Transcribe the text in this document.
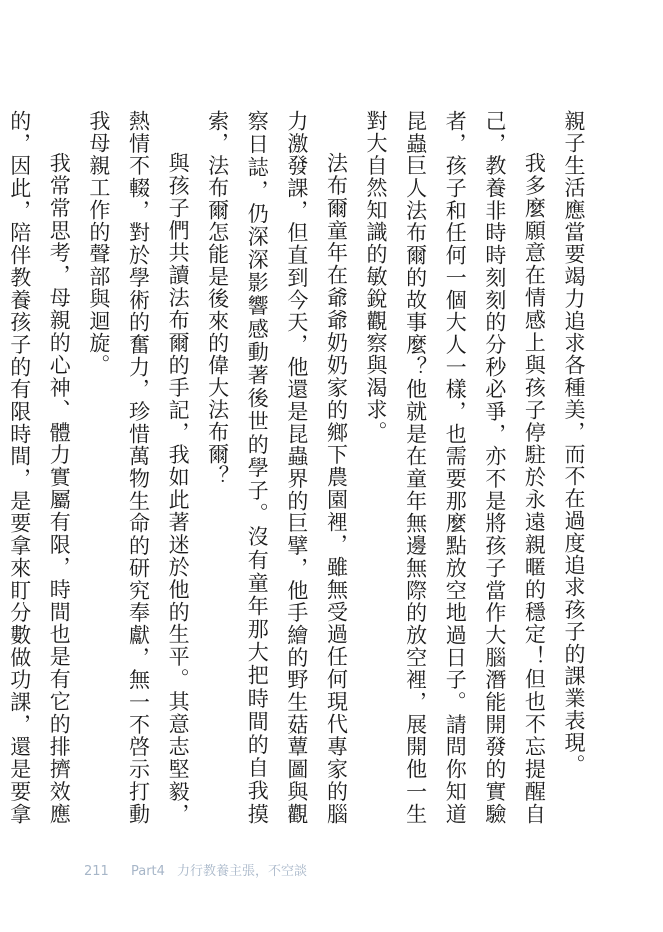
親子生活應當要竭力追求各種美，而不在過度追求孩子的課業表現。

我多麼願意在情感上與孩子停駐於永遠親暱的穩定！但也不忘提醒自己，教養非時時刻刻的分秒必爭，亦不是將孩子當作大腦潛能開發的實驗者，孩子和任何一個大人一樣，也需要那麼點放空地過日子。請問你知道昆蟲巨人法布爾的故事麼？他就是在童年無邊無際的放空裡，展開他一生對大自然知識的敏銳觀察與渴求。

法布爾童年在爺爺奶奶家的鄉下農園裡，雖無受過任何現代專家的腦力激發課，但直到今天，他還是昆蟲界的巨擘，他手繪的野生菇蕈圖與觀察日誌，仍深深影響感動著後世的學子。沒有童年那大把時間的自我摸索，法布爾怎能是後來的偉大法布爾？

與孩子們共讀法布爾的手記，我如此著迷於他的生平。其意志堅毅，熱情不輟，對於學術的奮力，珍惜萬物生命的研究奉獻，無一不啓示打動我母親工作的聲部與迴旋。

我常常思考，母親的心神、體力實屬有限，時間也是有它的排擠效應的，因此，陪伴教養孩子的有限時間，是要拿來盯分數做功課，還是要拿

211 Part4 力行教養主張，不空談
